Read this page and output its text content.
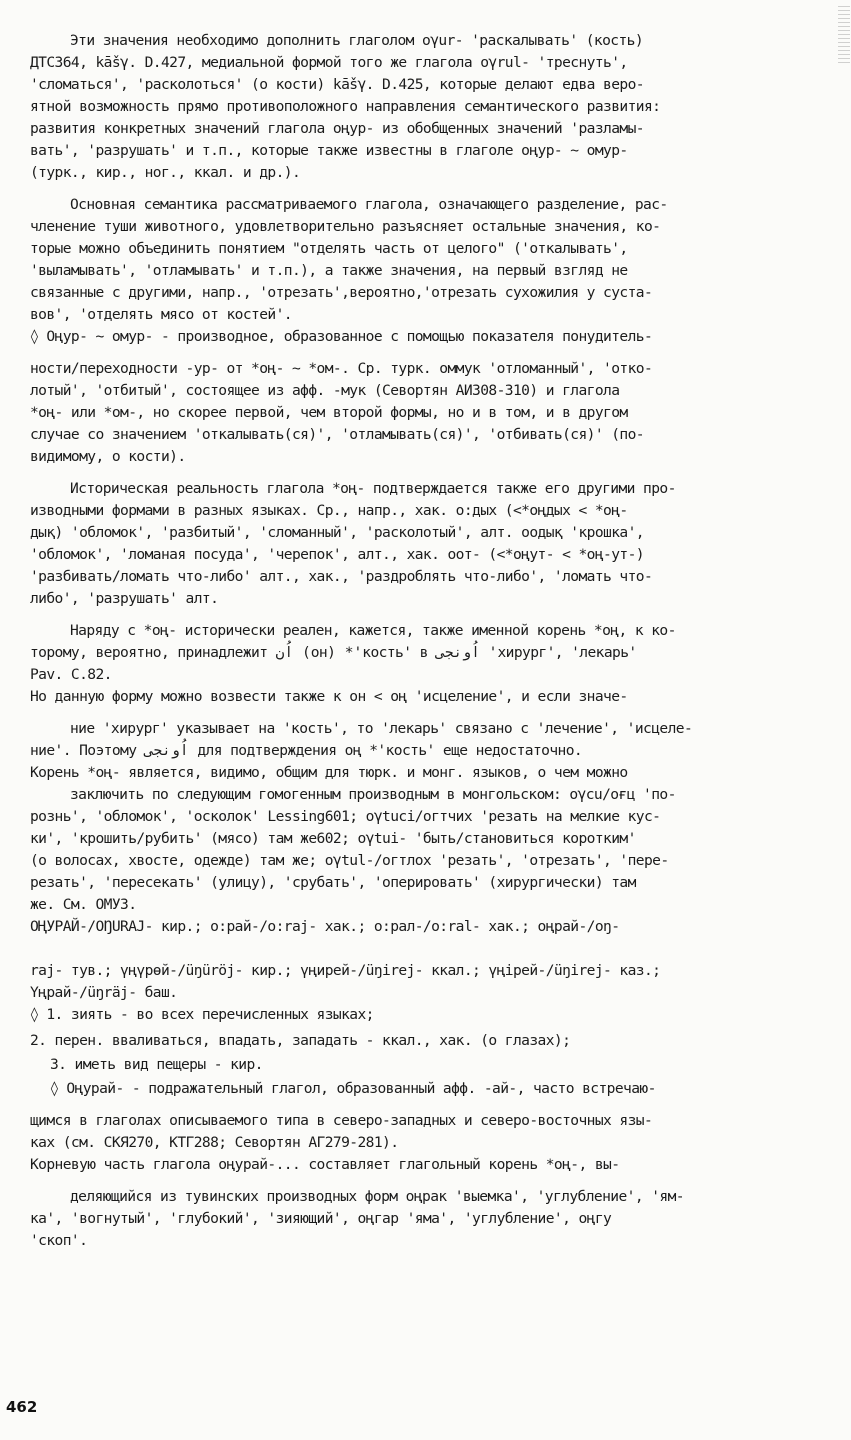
Эти значения необходимо дополнить глаголом oγur- 'раскалывать' (кость)
ДТС364, kāšγ. D.427, медиальной формой того же глагола oγrul- 'треснуть',
'сломаться', 'расколоться' (о кости) kāšγ. D.425, которые делают едва веро-
ятной возможность прямо противоположного направления семантического развития:
развития конкретных значений глагола оңур- из обобщенных значений 'разламы-
вать', 'разрушать' и т.п., которые также известны в глаголе оңур- ~ омур-
(турк., кир., ног., ккал. и др.).
Основная семантика рассматриваемого глагола, означающего разделение, рас-
членение туши животного, удовлетворительно разъясняет остальные значения, ко-
торые можно объединить понятием "отделять часть от целого" ('откалывать',
'выламывать', 'отламывать' и т.п.), а также значения, на первый взгляд не
связанные с другими, напр., 'отрезать',вероятно,'отрезать сухожилия у суста-
вов', 'отделять мясо от костей'.
◊ Оңур- ~ омур- - производное, образованное с помощью показателя понудитель-
ности/переходности -ур- от *оң- ~ *ом-. Ср. турк. оммук 'отломанный', 'отко-
лотый', 'отбитый', состоящее из афф. -мук (Севортян АИ308-310) и глагола
*оң- или *ом-, но скорее первой, чем второй формы, но и в том, и в другом
случае со значением 'откалывать(ся)', 'отламывать(ся)', 'отбивать(ся)' (по-
видимому, о кости).
Историческая реальность глагола *оң- подтверждается также его другими про-
изводными формами в разных языках. Ср., напр., хак. о:дых (<*оңдых < *оң-
дық) 'обломок', 'разбитый', 'сломанный', 'расколотый', алт. оодық 'крошка',
'обломок', 'ломаная посуда', 'черепок', алт., хак. оот- (<*оңут- < *оң-ут-)
'разбивать/ломать что-либо' алт., хак., 'раздроблять что-либо', 'ломать что-
либо', 'разрушать' алт.
Наряду с *оң- исторически реален, кажется, также именной корень *оң, к ко-
торому, вероятно, принадлежит اُن (он) *'кость' в اُونجی 'хирург', 'лекарь'
Pav. C.82.
Но данную форму можно возвести также к он < оң 'исцеление', и если значе-
ние 'хирург' указывает на 'кость', то 'лекарь' связано с 'лечение', 'исцеле-
ние'. Поэтому اُونجی для подтверждения оң *'кость' еще недостаточно.
Корень *оң- является, видимо, общим для тюрк. и монг. языков, о чем можно
заключить по следующим гомогенным производным в монгольском: oγcu/оғц 'по-
рознь', 'обломок', 'осколок' Lessing601; oγtuci/огтчих 'резать на мелкие кус-
ки', 'крошить/рубить' (мясо) там же602; oγtui- 'быть/становиться коротким'
(о волосах, хвосте, одежде) там же; oγtul-/огтлох 'резать', 'отрезать', 'пере-
резать', 'пересекать' (улицу), 'срубать', 'оперировать' (хирургически) там
же. См. ОМУЗ.
ОҢУРАЙ-/OŊURAJ- кир.; о:рай-/o:raj- хак.; о:рал-/o:ral- хак.; оңрай-/oŋ-
raj- тув.; үңүрөй-/üŋüröj- кир.; үңирей-/üŋirej- ккал.; үңірей-/üŋirej- каз.;
Үңрай-/üŋräj- баш.
◊ 1. зиять - во всех перечисленных языках;
2. перен. вваливаться, впадать, западать - ккал., хак. (о глазах);
3. иметь вид пещеры - кир.
◊ Оңурай- - подражательный глагол, образованный афф. -ай-, часто встречаю-
щимся в глаголах описываемого типа в северо-западных и северо-восточных язы-
ках (см. СКЯ270, КТГ288; Севортян АГ279-281).
Корневую часть глагола оңурай-... составляет глагольный корень *оң-, вы-
деляющийся из тувинских производных форм оңрак 'выемка', 'углубление', 'ям-
ка', 'вогнутый', 'глубокий', 'зияющий', оңгар 'яма', 'углубление', оңгу
'скоп'.
462
